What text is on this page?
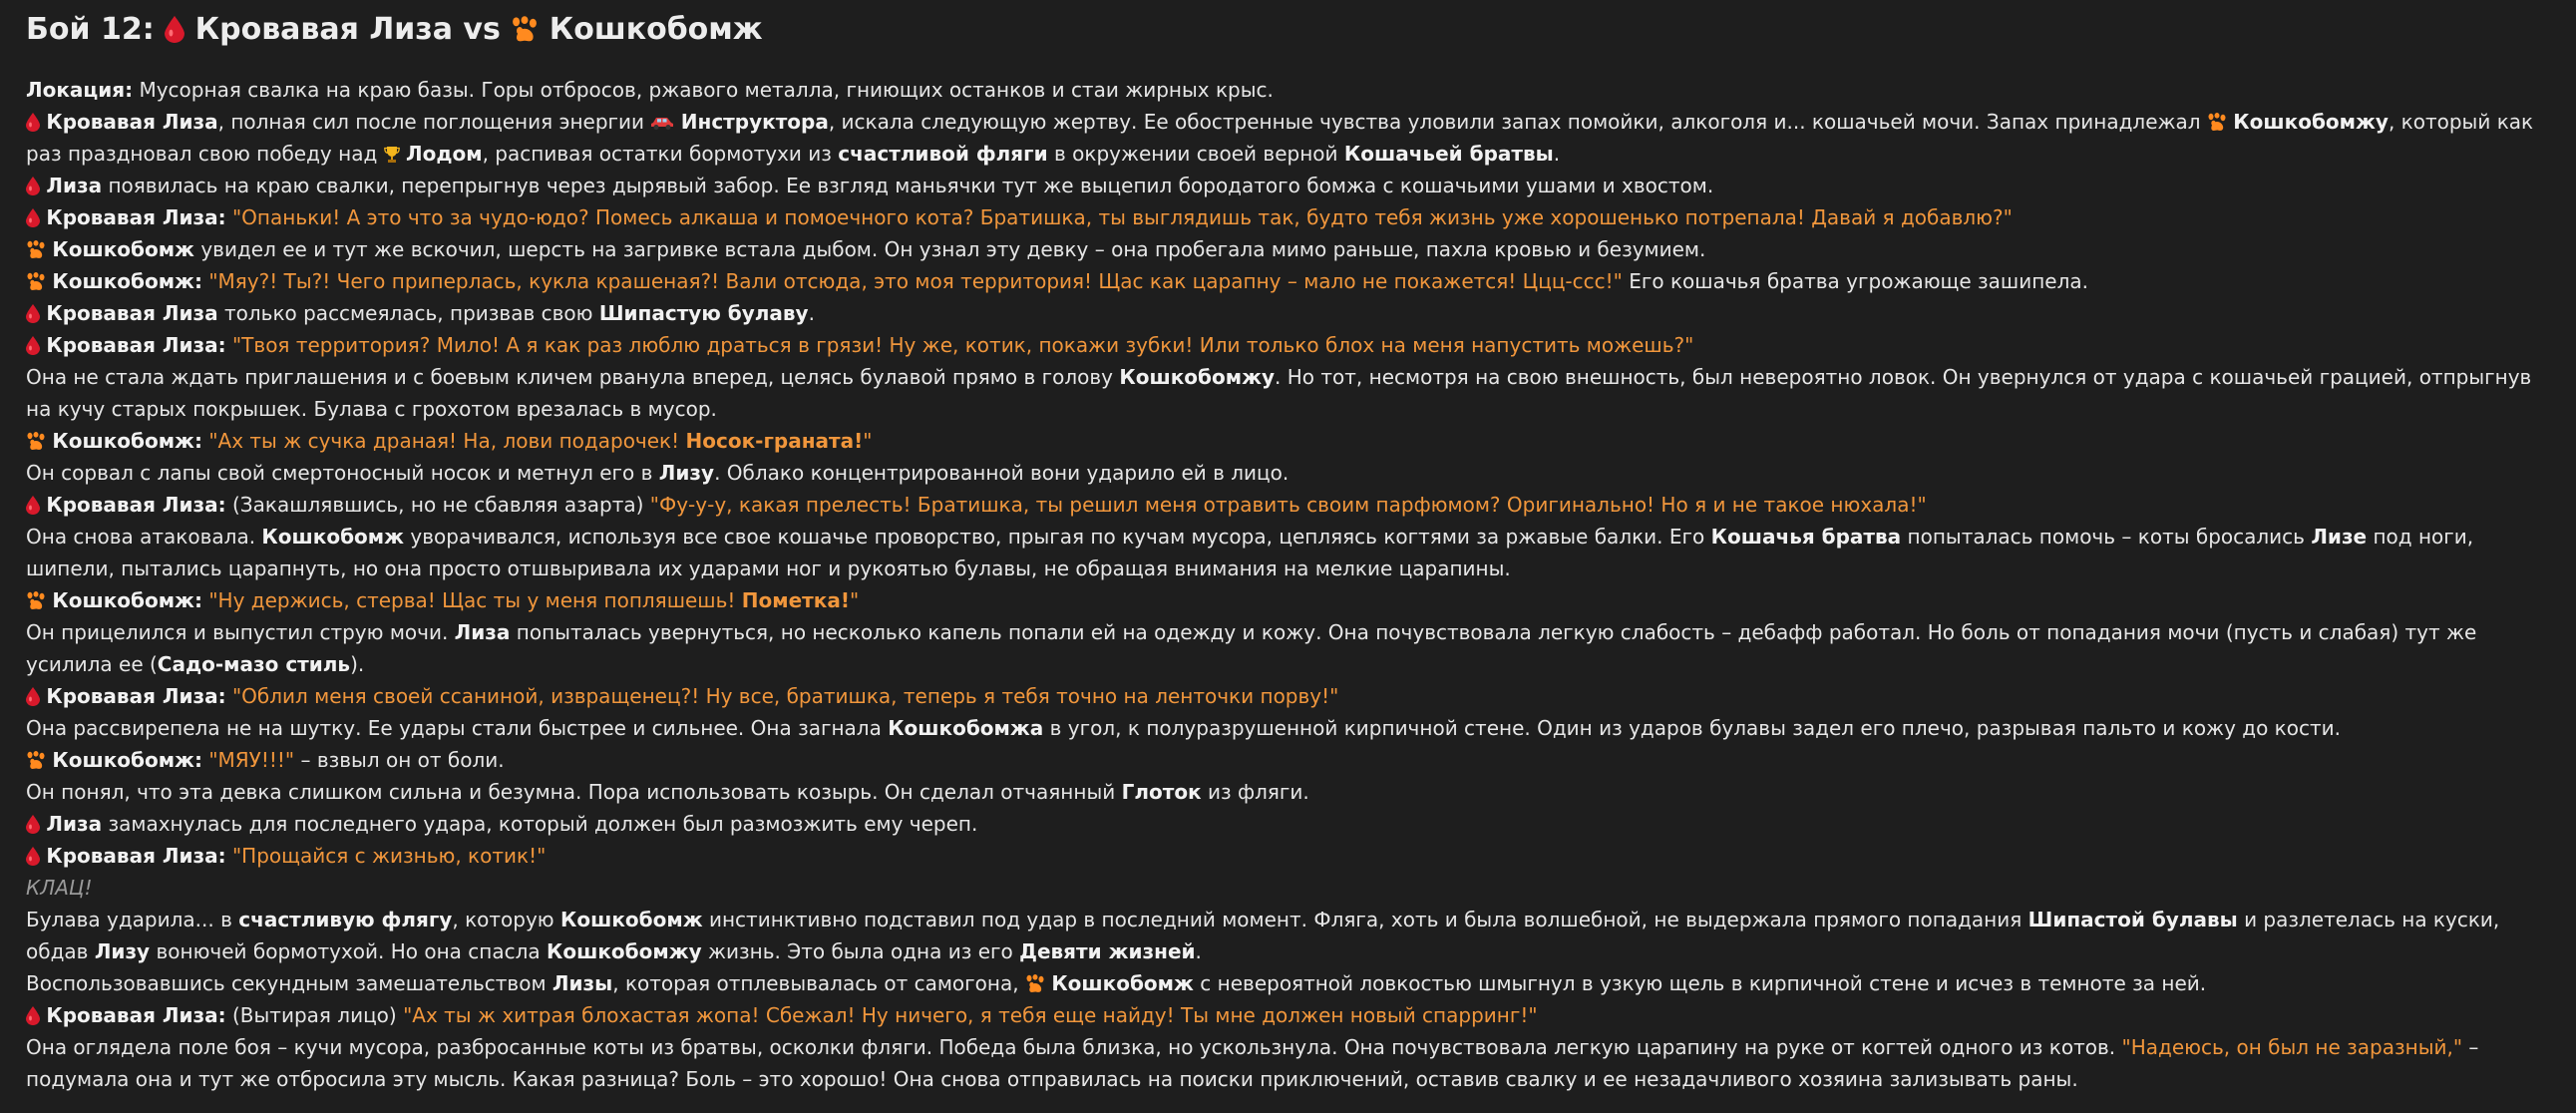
Бой 12:  Кровавая Лиза vs  Кошкобомж

Локация: Мусорная свалка на краю базы. Горы отбросов, ржавого металла, гниющих останков и стаи жирных крыс.

Кровавая Лиза, полная сил после поглощения энергии  Инструктора, искала следующую жертву. Ее обостренные чувства уловили запах помойки, алкоголя и... кошачьей мочи. Запах принадлежал  Кошкобомжу, который как раз праздновал свою победу над  Лодом, распивая остатки бормотухи из счастливой фляги в окружении своей верной Кошачьей братвы.

Лиза появилась на краю свалки, перепрыгнув через дырявый забор. Ее взгляд маньячки тут же выцепил бородатого бомжа с кошачьими ушами и хвостом.

Кровавая Лиза: "Опаньки! А это что за чудо-юдо? Помесь алкаша и помоечного кота? Братишка, ты выглядишь так, будто тебя жизнь уже хорошенько потрепала! Давай я добавлю?"

Кошкобомж увидел ее и тут же вскочил, шерсть на загривке встала дыбом. Он узнал эту девку – она пробегала мимо раньше, пахла кровью и безумием.

Кошкобомж: "Мяу?! Ты?! Чего приперлась, кукла крашеная?! Вали отсюда, это моя территория! Щас как царапну – мало не покажется! Ццц-ссс!" Его кошачья братва угрожающе зашипела.

Кровавая Лиза только рассмеялась, призвав свою Шипастую булаву.

Кровавая Лиза: "Твоя территория? Мило! А я как раз люблю драться в грязи! Ну же, котик, покажи зубки! Или только блох на меня напустить можешь?"

Она не стала ждать приглашения и с боевым кличем рванула вперед, целясь булавой прямо в голову Кошкобомжу. Но тот, несмотря на свою внешность, был невероятно ловок. Он увернулся от удара с кошачьей грацией, отпрыгнув на кучу старых покрышек. Булава с грохотом врезалась в мусор.

Кошкобомж: "Ах ты ж сучка драная! На, лови подарочек! Носок-граната!"

Он сорвал с лапы свой смертоносный носок и метнул его в Лизу. Облако концентрированной вони ударило ей в лицо.

Кровавая Лиза: (Закашлявшись, но не сбавляя азарта) "Фу-у-у, какая прелесть! Братишка, ты решил меня отравить своим парфюмом? Оригинально! Но я и не такое нюхала!"

Она снова атаковала. Кошкобомж уворачивался, используя все свое кошачье проворство, прыгая по кучам мусора, цепляясь когтями за ржавые балки. Его Кошачья братва попыталась помочь – коты бросались Лизе под ноги, шипели, пытались царапнуть, но она просто отшвыривала их ударами ног и рукоятью булавы, не обращая внимания на мелкие царапины.

Кошкобомж: "Ну держись, стерва! Щас ты у меня попляшешь! Пометка!"

Он прицелился и выпустил струю мочи. Лиза попыталась увернуться, но несколько капель попали ей на одежду и кожу. Она почувствовала легкую слабость – дебафф работал. Но боль от попадания мочи (пусть и слабая) тут же усилила ее (Садо-мазо стиль).

Кровавая Лиза: "Облил меня своей ссаниной, извращенец?! Ну все, братишка, теперь я тебя точно на ленточки порву!"

Она рассвирепела не на шутку. Ее удары стали быстрее и сильнее. Она загнала Кошкобомжа в угол, к полуразрушенной кирпичной стене. Один из ударов булавы задел его плечо, разрывая пальто и кожу до кости.

Кошкобомж: "МЯУ!!!" – взвыл он от боли.

Он понял, что эта девка слишком сильна и безумна. Пора использовать козырь. Он сделал отчаянный Глоток из фляги.

Лиза замахнулась для последнего удара, который должен был размозжить ему череп.

Кровавая Лиза: "Прощайся с жизнью, котик!"

КЛАЦ!

Булава ударила... в счастливую флягу, которую Кошкобомж инстинктивно подставил под удар в последний момент. Фляга, хоть и была волшебной, не выдержала прямого попадания Шипастой булавы и разлетелась на куски, обдав Лизу вонючей бормотухой. Но она спасла Кошкобомжу жизнь. Это была одна из его Девяти жизней.

Воспользовавшись секундным замешательством Лизы, которая отплевывалась от самогона,  Кошкобомж с невероятной ловкостью шмыгнул в узкую щель в кирпичной стене и исчез в темноте за ней.

Кровавая Лиза: (Вытирая лицо) "Ах ты ж хитрая блохастая жопа! Сбежал! Ну ничего, я тебя еще найду! Ты мне должен новый спарринг!"

Она оглядела поле боя – кучи мусора, разбросанные коты из братвы, осколки фляги. Победа была близка, но ускользнула. Она почувствовала легкую царапину на руке от когтей одного из котов. "Надеюсь, он был не заразный," – подумала она и тут же отбросила эту мысль. Какая разница? Боль – это хорошо! Она снова отправилась на поиски приключений, оставив свалку и ее незадачливого хозяина зализывать раны.
